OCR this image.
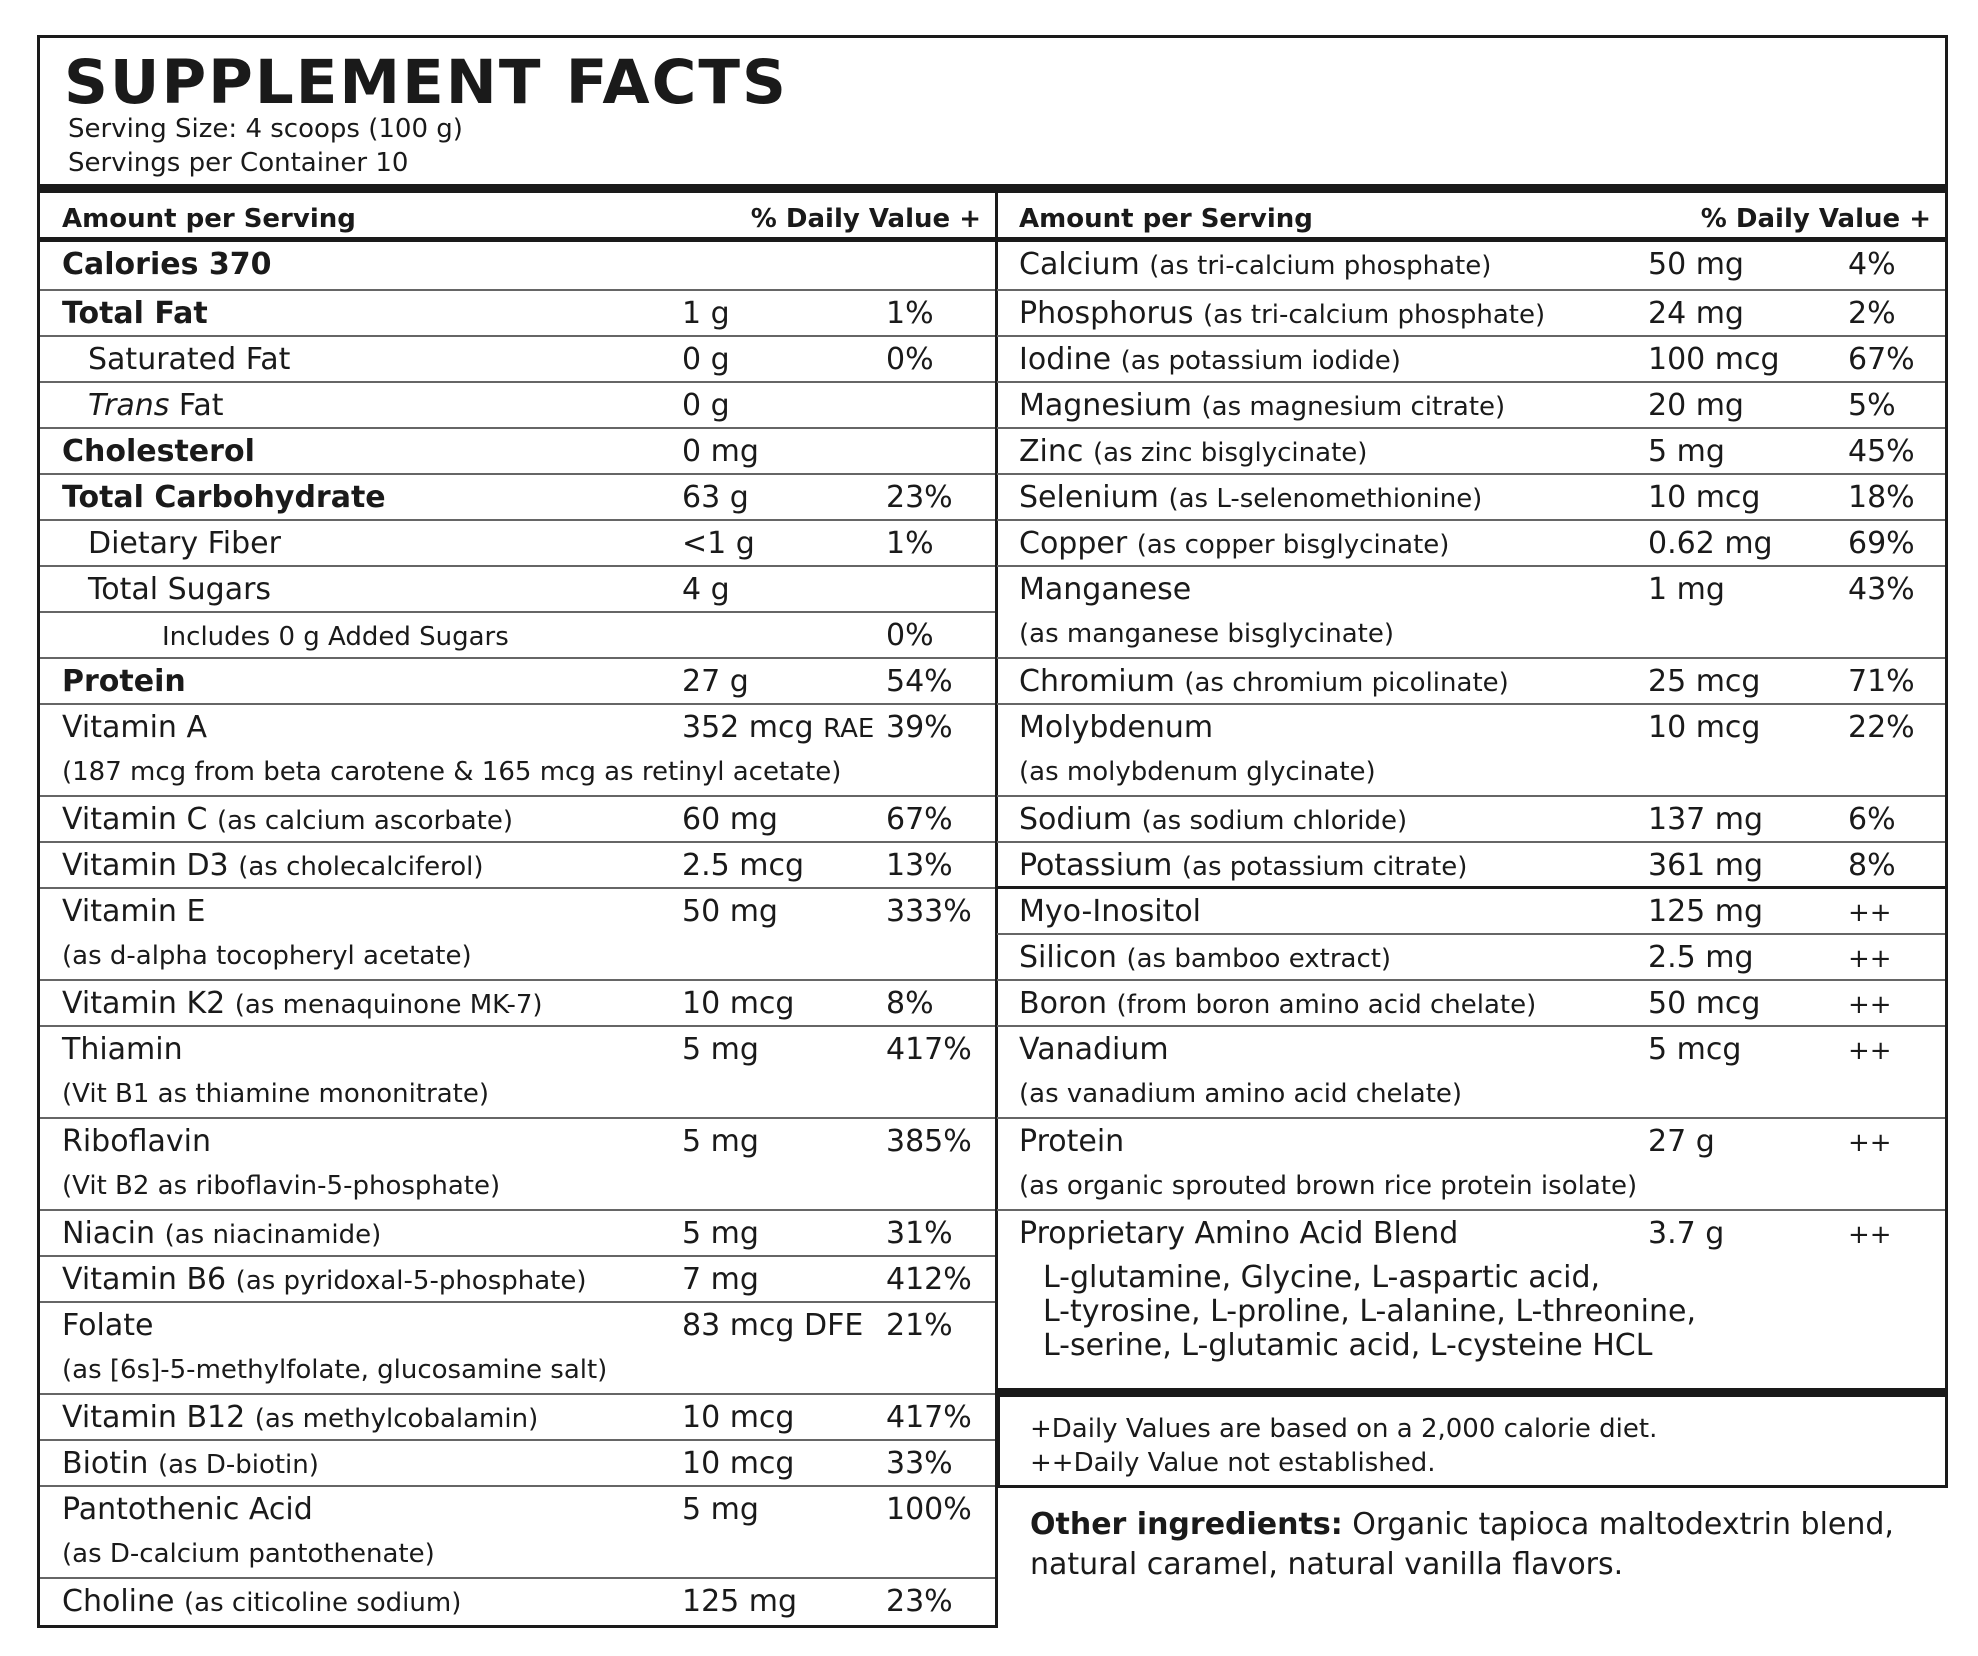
SUPPLEMENT FACTS
Serving Size: 4 scoops (100 g)
Servings per Container 10
Amount per Serving	% Daily Value +
Calories 370
Total Fat	1 g	1%
Saturated Fat	0 g	0%
Trans Fat	0 g
Cholesterol	0 mg
Total Carbohydrate	63 g	23%
Dietary Fiber	<1 g	1%
Total Sugars	4 g
Includes 0 g Added Sugars	0%
Protein	27 g	54%
Vitamin A	352 mcg RAE 39%
(187 mcg from beta carotene & 165 mcg as retinyl acetate)
Vitamin C (as calcium ascorbate)	60 mg	67%
Vitamin D3 (as cholecalciferol)	2.5 mcg	13%
Vitamin E	50 mg	333%
(as d-alpha tocopheryl acetate)
Vitamin K2 (as menaquinone MK-7)	10 mcg	8%
Thiamin	5 mg	417%
(Vit B1 as thiamine mononitrate)
Riboflavin	5 mg	385%
(Vit B2 as riboflavin-5-phosphate)
Niacin (as niacinamide)	5 mg	31%
Vitamin B6 (as pyridoxal-5-phosphate)	7 mg	412%
Folate	83 mcg DFE 21%
(as [6s]-5-methylfolate, glucosamine salt)
Vitamin B12 (as methylcobalamin)	10 mcg	417%
Biotin (as D-biotin)	10 mcg	33%
Pantothenic Acid	5 mg	100%
(as D-calcium pantothenate)
Choline (as citicoline sodium)	125 mg	23%
Amount per Serving	% Daily Value +
Calcium (as tri-calcium phosphate)	50 mg	4%
Phosphorus (as tri-calcium phosphate)	24 mg	2%
Iodine (as potassium iodide)	100 mcg 67%
Magnesium (as magnesium citrate)	20 mg	5%
Zinc (as zinc bisglycinate)	5 mg	45%
Selenium (as L-selenomethionine)	10 mcg	18%
Copper (as copper bisglycinate)	0.62 mg	69%
Manganese	1 mg	43%
(as manganese bisglycinate)
Chromium (as chromium picolinate)	25 mcg	71%
Molybdenum	10 mcg	22%
(as molybdenum glycinate)
Sodium (as sodium chloride)	137 mg	6%
Potassium (as potassium citrate)	361 mg	8%
Myo-Inositol	125 mg	++
Silicon (as bamboo extract)	2.5 mg	++
Boron (from boron amino acid chelate)	50 mcg	++
Vanadium	5 mcg	++
(as vanadium amino acid chelate)
Protein	27 g	++
(as organic sprouted brown rice protein isolate)
Proprietary Amino Acid Blend	3.7 g	++
L-glutamine, Glycine, L-aspartic acid,
L-tyrosine, L-proline, L-alanine, L-threonine,
L-serine, L-glutamic acid, L-cysteine HCL
+Daily Values are based on a 2,000 calorie diet.
++Daily Value not established.
Other ingredients: Organic tapioca maltodextrin blend, natural caramel, natural vanilla flavors.
